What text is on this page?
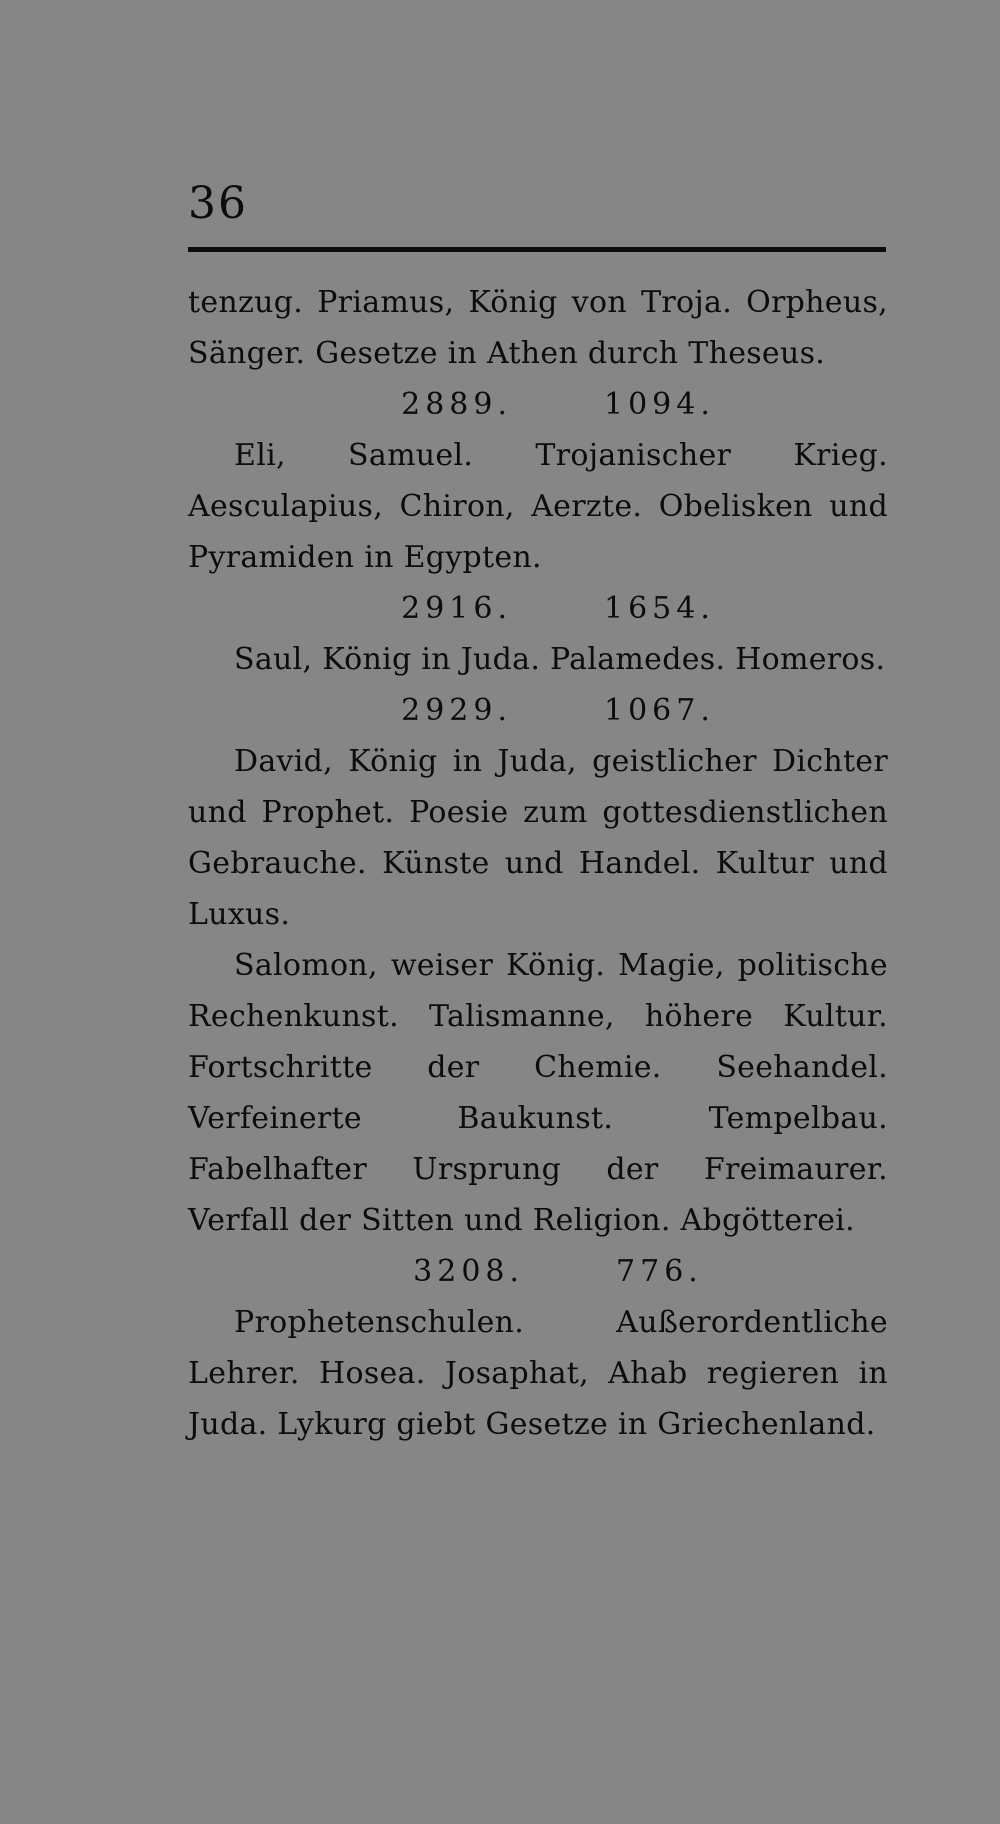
36

tenzug. Priamus, König von Troja. Orpheus, Sänger. Gesetze in Athen durch Theseus.

2889.	1094.

Eli, Samuel. Trojanischer Krieg. Aesculapius, Chiron, Aerzte. Obelisken und Pyramiden in Egypten.

2916.	1654.

Saul, König in Juda. Palamedes. Homeros.

2929.	1067.

David, König in Juda, geistlicher Dichter und Prophet. Poesie zum gottesdienstlichen Gebrauche. Künste und Handel. Kultur und Luxus.

Salomon, weiser König. Magie, politische Rechenkunst. Talismanne, höhere Kultur. Fortschritte der Chemie. Seehandel. Verfeinerte Baukunst. Tempelbau. Fabelhafter Ursprung der Freimaurer. Verfall der Sitten und Religion. Abgötterei.

3208.	776.

Prophetenschulen. Außerordentliche Lehrer. Hosea. Josaphat, Ahab regieren in Juda. Lykurg giebt Gesetze in Griechenland.
